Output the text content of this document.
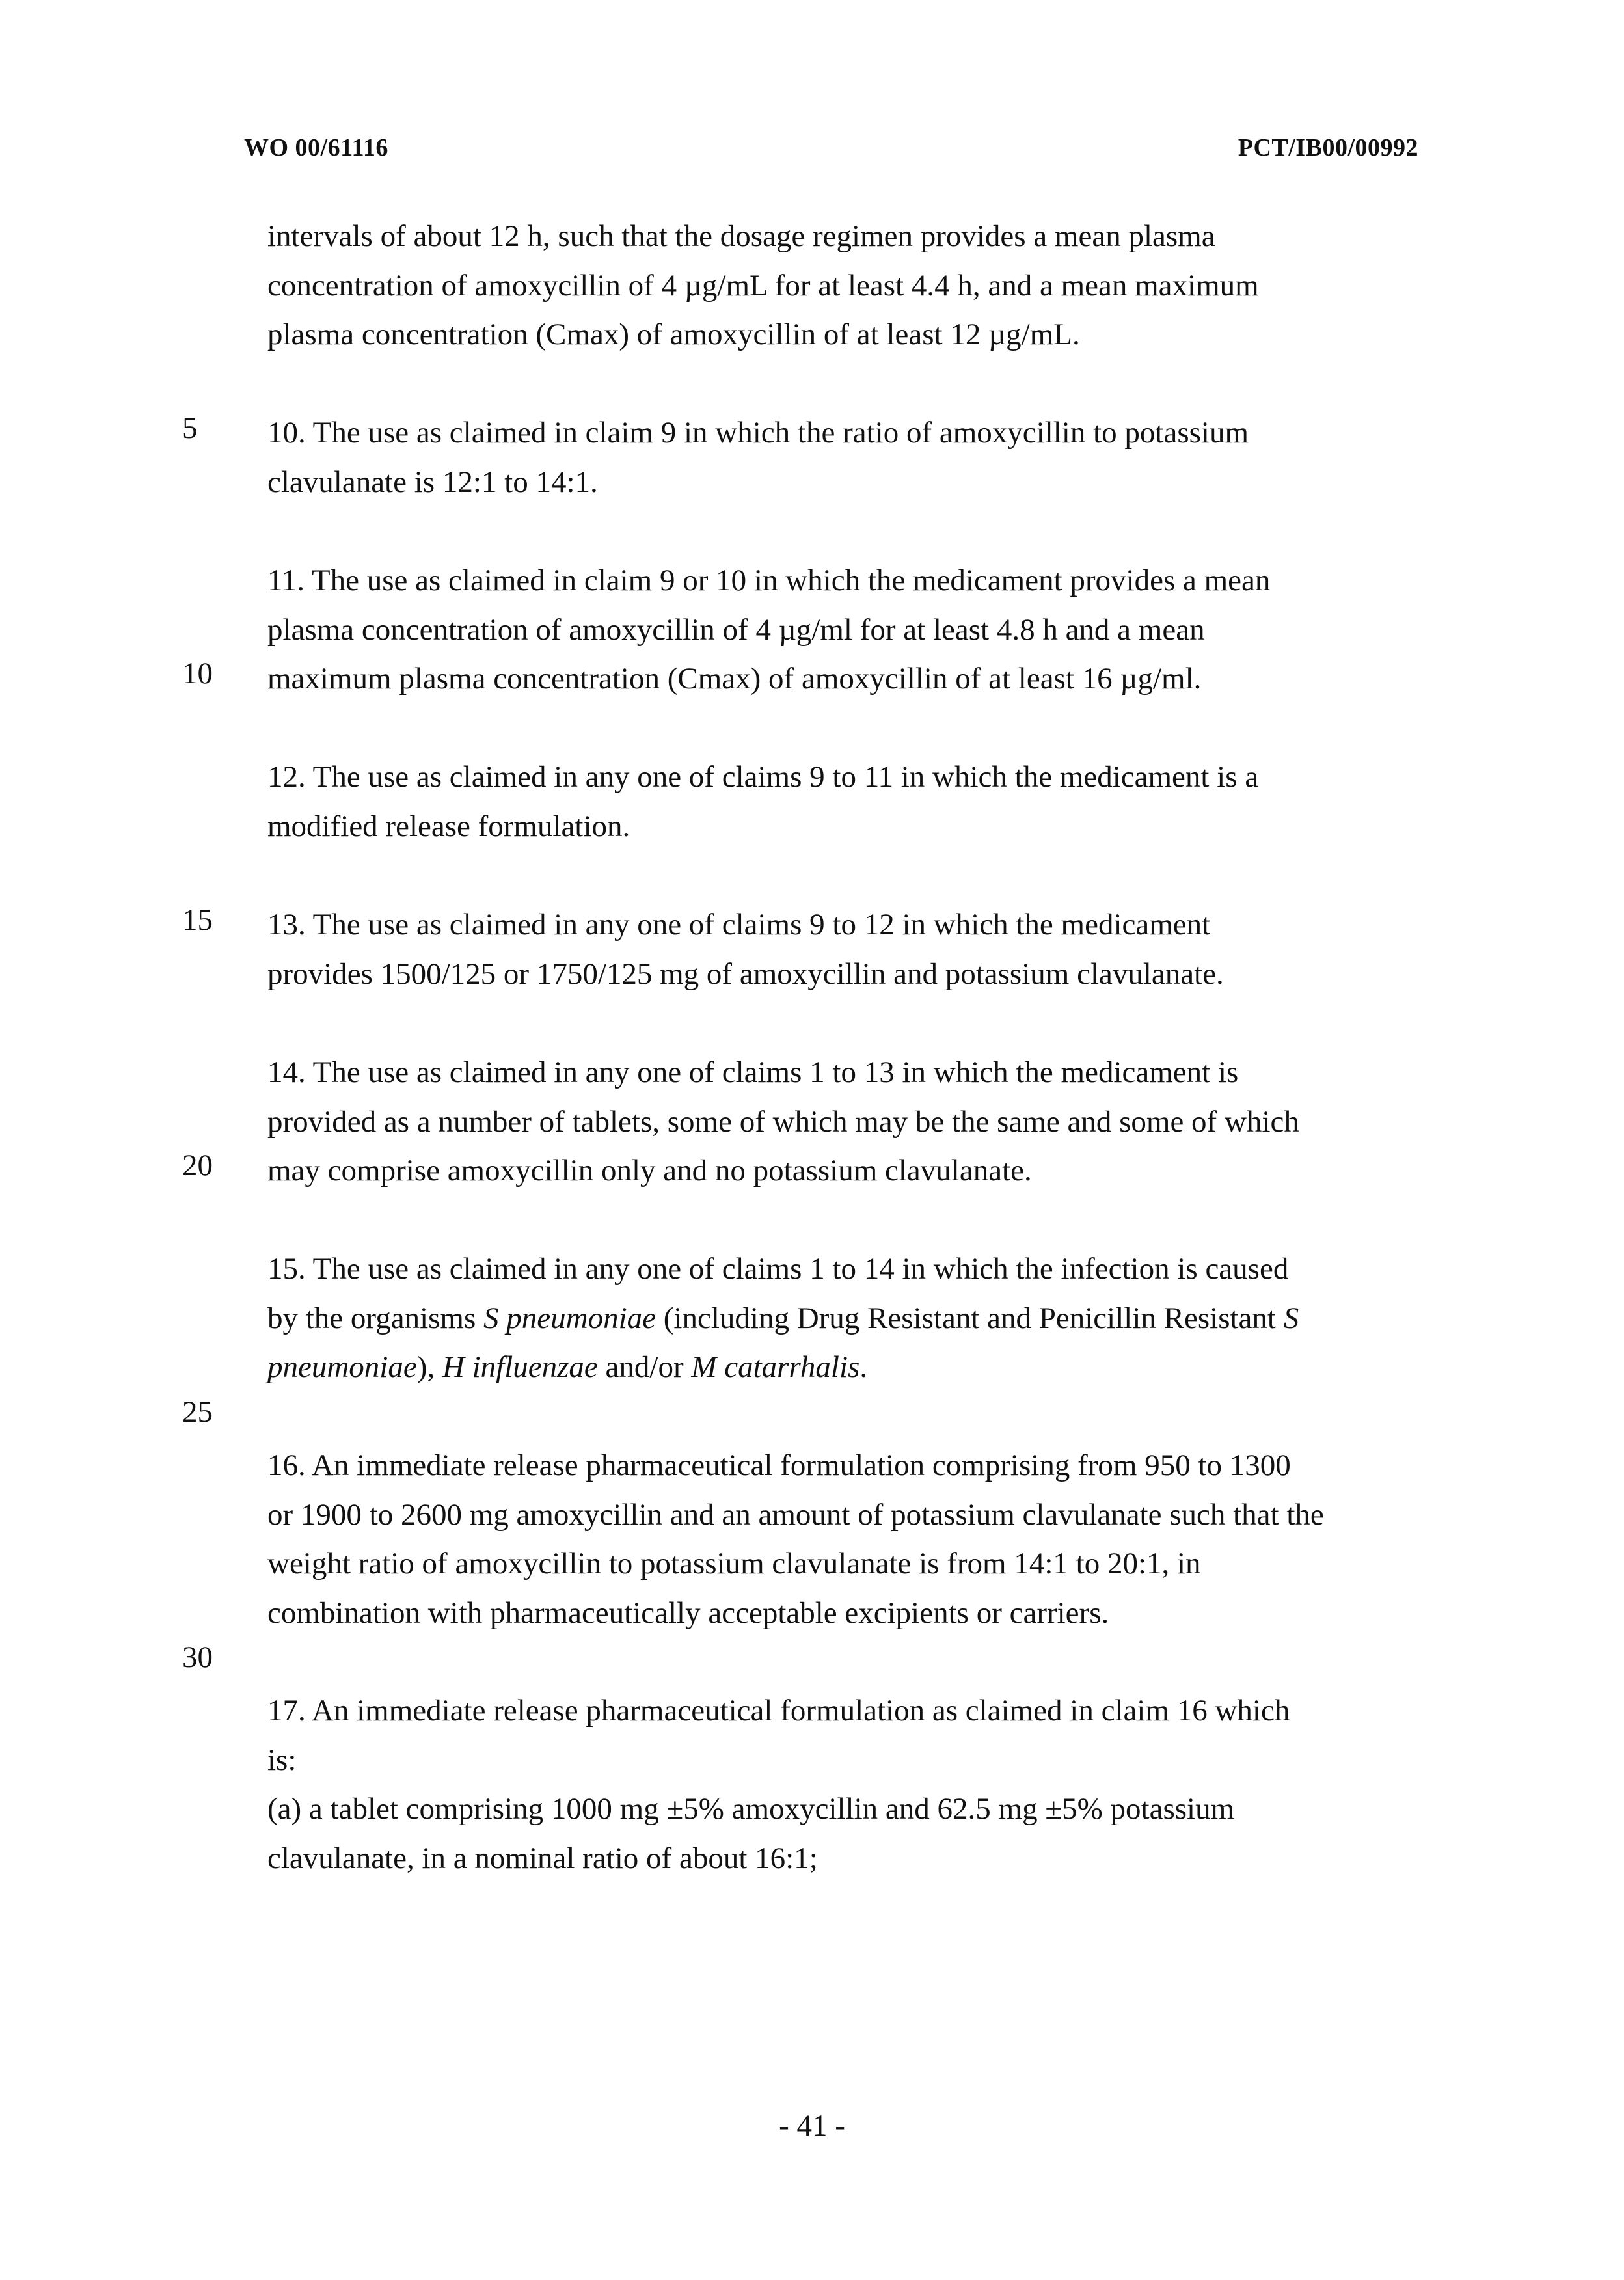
WO 00/61116	PCT/IB00/00992
5
10
15
20
25
30
intervals of about 12 h, such that the dosage regimen provides a mean plasma
concentration of amoxycillin of 4 µg/mL for at least 4.4 h, and a mean maximum
plasma concentration (Cmax) of amoxycillin of at least 12 µg/mL.
10. The use as claimed in claim 9 in which the ratio of amoxycillin to potassium
clavulanate is 12:1 to 14:1.
11. The use as claimed in claim 9 or 10 in which the medicament provides a mean
plasma concentration of amoxycillin of 4 µg/ml for at least 4.8 h and a mean
maximum plasma concentration (Cmax) of amoxycillin of at least 16 µg/ml.
12. The use as claimed in any one of claims 9 to 11 in which the medicament is a
modified release formulation.
13. The use as claimed in any one of claims 9 to 12 in which the medicament
provides 1500/125 or 1750/125 mg of amoxycillin and potassium clavulanate.
14. The use as claimed in any one of claims 1 to 13 in which the medicament is
provided as a number of tablets, some of which may be the same and some of which
may comprise amoxycillin only and no potassium clavulanate.
15. The use as claimed in any one of claims 1 to 14 in which the infection is caused
by the organisms S pneumoniae (including Drug Resistant and Penicillin Resistant S
pneumoniae), H influenzae and/or M catarrhalis.
16. An immediate release pharmaceutical formulation comprising from 950 to 1300
or 1900 to 2600 mg amoxycillin and an amount of potassium clavulanate such that the
weight ratio of amoxycillin to potassium clavulanate is from 14:1 to 20:1, in
combination with pharmaceutically acceptable excipients or carriers.
17. An immediate release pharmaceutical formulation as claimed in claim 16 which
is:
(a) a tablet comprising 1000 mg ±5% amoxycillin and 62.5 mg ±5% potassium
clavulanate, in a nominal ratio of about 16:1;
- 41 -
